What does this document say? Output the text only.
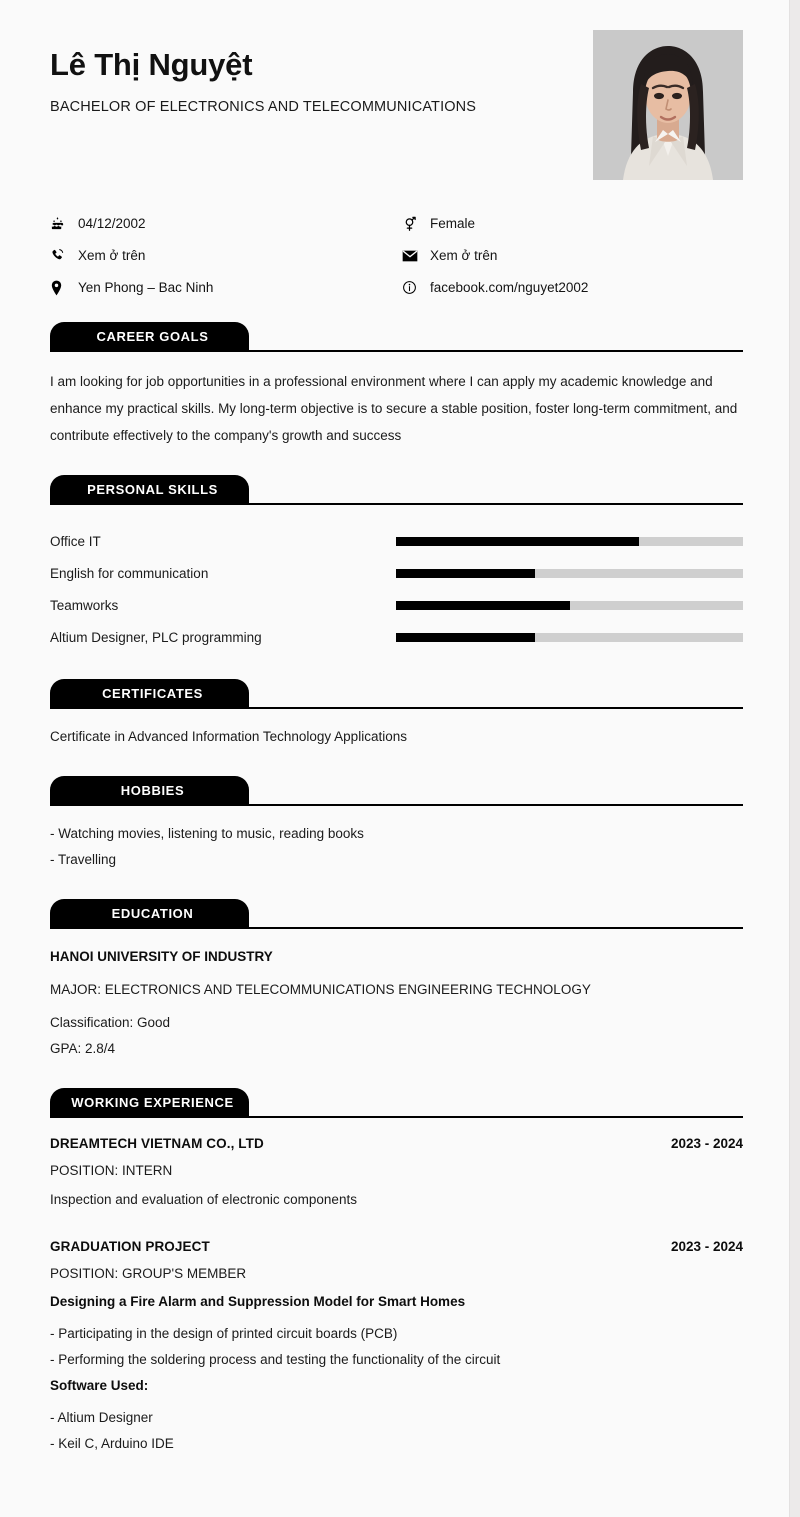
Lê Thị Nguyệt
BACHELOR OF ELECTRONICS AND TELECOMMUNICATIONS
04/12/2002	Female
Xem ở trên	Xem ở trên
Yen Phong – Bac Ninh	facebook.com/nguyet2002
CAREER GOALS
I am looking for job opportunities in a professional environment where I can apply my academic knowledge and enhance my practical skills. My long-term objective is to secure a stable position, foster long-term commitment, and contribute effectively to the company's growth and success
PERSONAL SKILLS
Office IT
English for communication
Teamworks
Altium Designer, PLC programming
CERTIFICATES
Certificate in Advanced Information Technology Applications
HOBBIES
- Watching movies, listening to music, reading books
- Travelling
EDUCATION
HANOI UNIVERSITY OF INDUSTRY
MAJOR: ELECTRONICS AND TELECOMMUNICATIONS ENGINEERING TECHNOLOGY
Classification: Good
GPA: 2.8/4
WORKING EXPERIENCE
DREAMTECH VIETNAM CO., LTD	2023 - 2024
POSITION: INTERN
Inspection and evaluation of electronic components
GRADUATION PROJECT	2023 - 2024
POSITION: GROUP'S MEMBER
Designing a Fire Alarm and Suppression Model for Smart Homes
- Participating in the design of printed circuit boards (PCB)
- Performing the soldering process and testing the functionality of the circuit
Software Used:
- Altium Designer
- Keil C, Arduino IDE
